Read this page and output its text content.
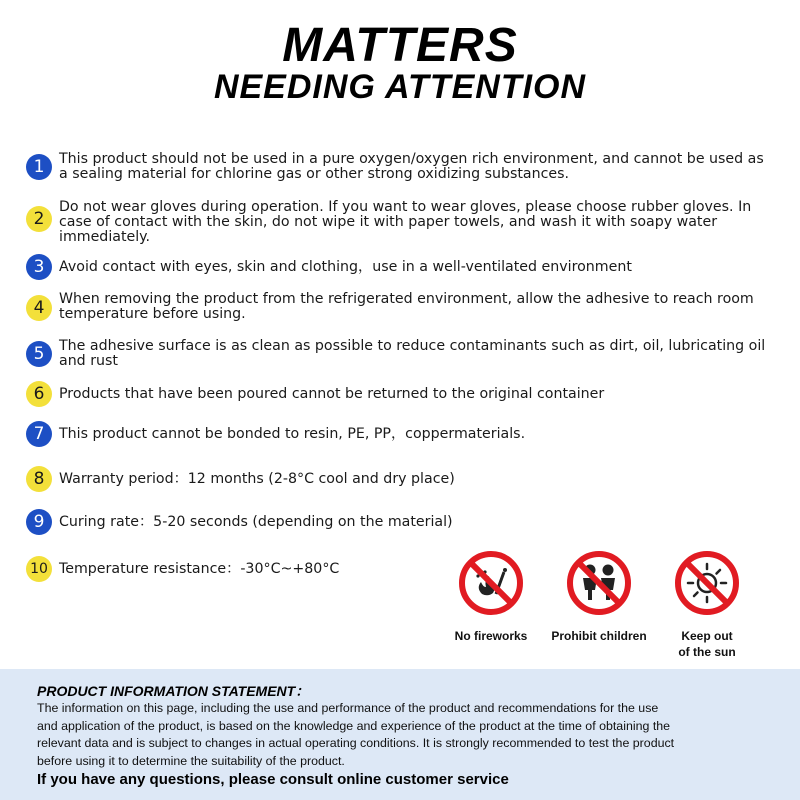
MATTERS
NEEDING ATTENTION
1	This product should not be used in a pure oxygen/oxygen rich environment, and cannot be used as a sealing material for chlorine gas or other strong oxidizing substances.
2
Do not wear gloves during operation. If you want to wear gloves, please choose rubber gloves. In case of contact with the skin, do not wipe it with paper towels, and wash it with soapy water immediately.
3	Avoid contact with eyes, skin and clothing，use in a well-ventilated environment
4	When removing the product from the refrigerated environment, allow the adhesive to reach room temperature before using.
5	The adhesive surface is as clean as possible to reduce contaminants such as dirt, oil, lubricating oil and rust
6	Products that have been poured cannot be returned to the original container
7	This product cannot be bonded to resin, PE, PP，coppermaterials.
8	Warranty period：12 months (2-8°C cool and dry place)
9	Curing rate：5-20 seconds (depending on the material)
10 Temperature resistance：-30°C~+80°C
No fireworks	Prohibit children	Keep out
of the sun
PRODUCT INFORMATION STATEMENT：
The information on this page, including the use and performance of the product and recommendations for the use
and application of the product, is based on the knowledge and experience of the product at the time of obtaining the
relevant data and is subject to changes in actual operating conditions. It is strongly recommended to test the product
before using it to determine the suitability of the product.
If you have any questions, please consult online customer service
